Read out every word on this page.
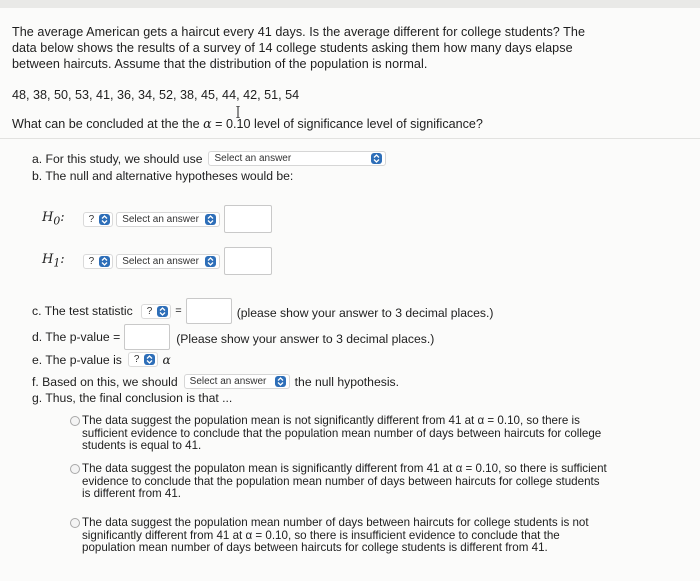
The average American gets a haircut every 41 days. Is the average different for college students? The data below shows the results of a survey of 14 college students asking them how many days elapse between haircuts. Assume that the distribution of the population is normal.
48, 38, 50, 53, 41, 36, 34, 52, 38, 45, 44, 42, 51, 54
What can be concluded at the the α = 0.10 level of significance level of significance?
a. For this study, we should use Select an answer
b. The null and alternative hypotheses would be:
$H_0$: ?	Select an answer
$H_1$: ?	Select an answer
c. The test statistic ? =	(please show your answer to 3 decimal places.)
d. The p-value =	(Please show your answer to 3 decimal places.)
e. The p-value is ? α
f. Based on this, we should Select an answer the null hypothesis.
g. Thus, the final conclusion is that ...
The data suggest the population mean is not significantly different from 41 at α = 0.10, so there is sufficient evidence to conclude that the population mean number of days between haircuts for college students is equal to 41.
The data suggest the populaton mean is significantly different from 41 at α = 0.10, so there is sufficient evidence to conclude that the population mean number of days between haircuts for college students is different from 41.
The data suggest the population mean number of days between haircuts for college students is not significantly different from 41 at α = 0.10, so there is insufficient evidence to conclude that the population mean number of days between haircuts for college students is different from 41.
